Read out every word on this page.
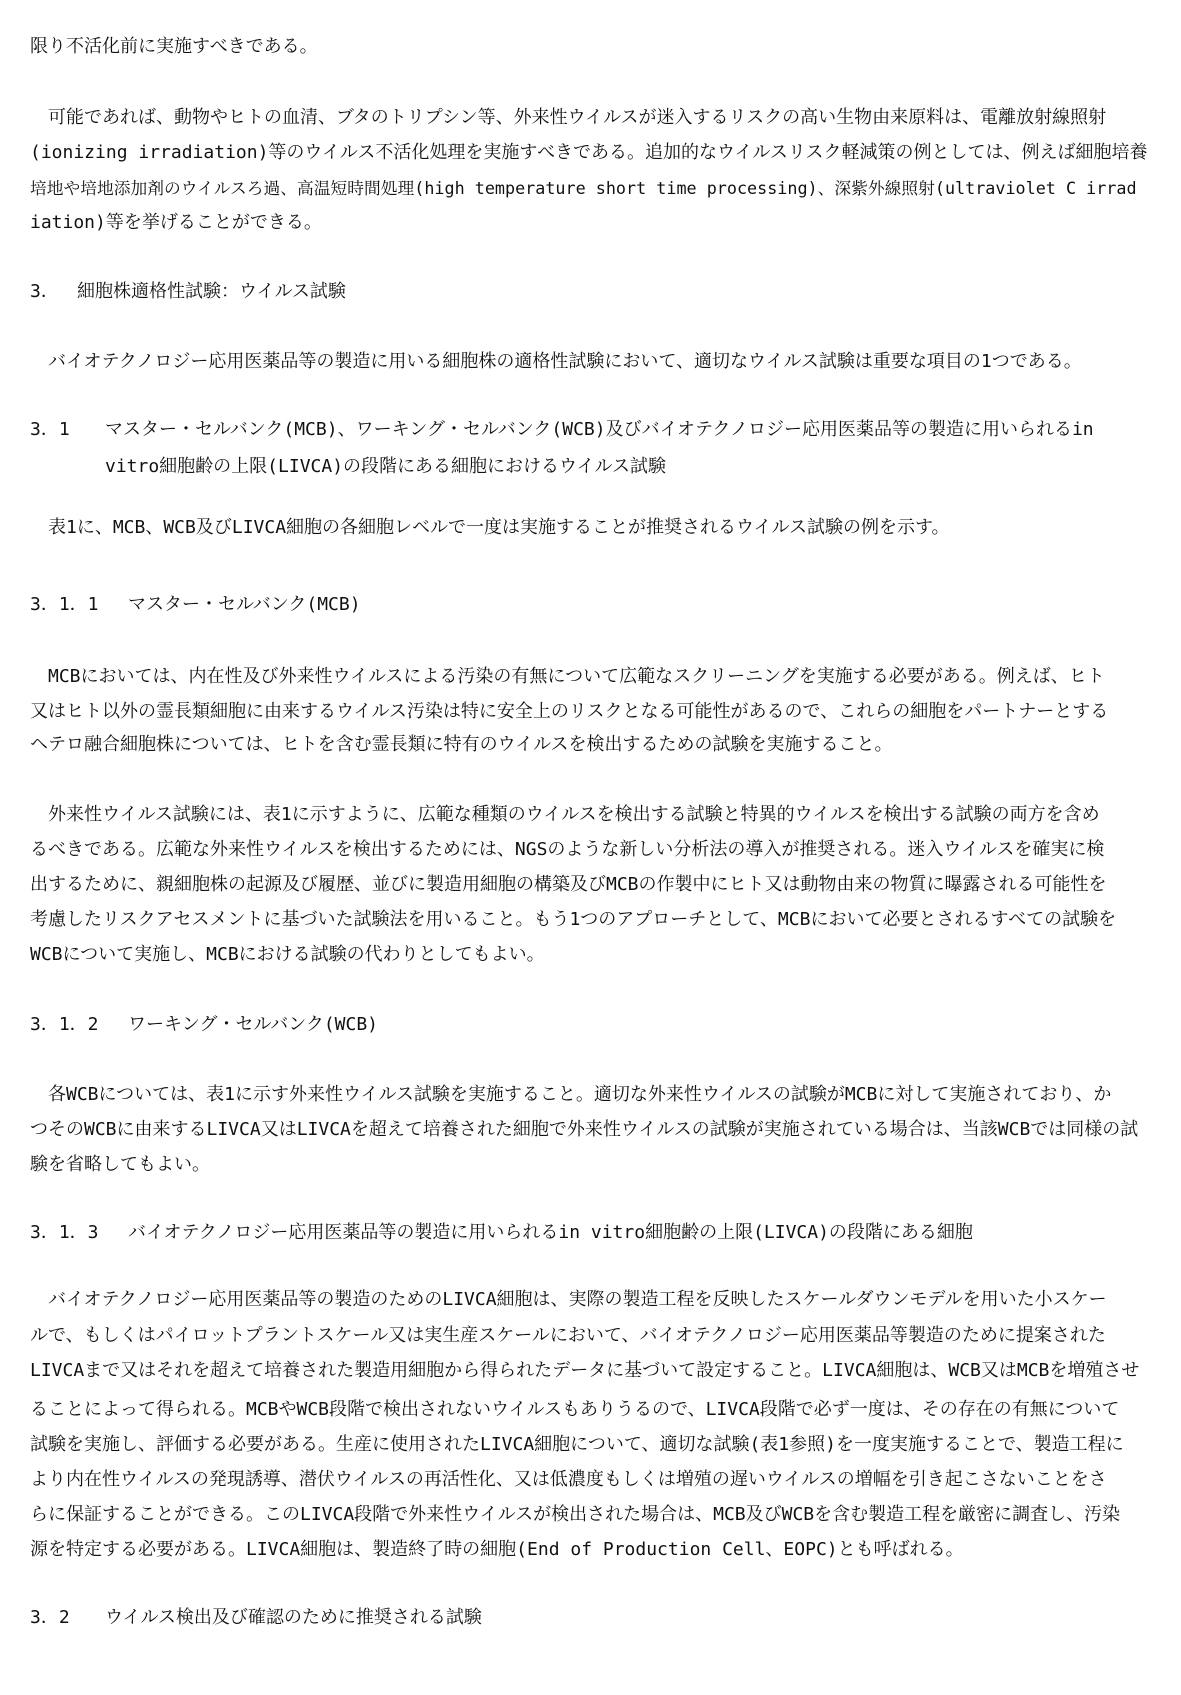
限り不活化前に実施すべきである。
　可能であれば、動物やヒトの血清、ブタのトリプシン等、外来性ウイルスが迷入するリスクの高い生物由来原料は、電離放射線照射
(ionizing irradiation)等のウイルス不活化処理を実施すべきである。追加的なウイルスリスク軽減策の例としては、例えば細胞培養
培地や培地添加剤のウイルスろ過、高温短時間処理(high temperature short time processing)、深紫外線照射(ultraviolet C irrad
iation)等を挙げることができる。
3．	細胞株適格性試験：ウイルス試験
　バイオテクノロジー応用医薬品等の製造に用いる細胞株の適格性試験において、適切なウイルス試験は重要な項目の1つである。
3．1	マスター・セルバンク(MCB)、ワーキング・セルバンク(WCB)及びバイオテクノロジー応用医薬品等の製造に用いられるin
vitro細胞齢の上限(LIVCA)の段階にある細胞におけるウイルス試験
　表1に、MCB、WCB及びLIVCA細胞の各細胞レベルで一度は実施することが推奨されるウイルス試験の例を示す。
3．1．1	マスター・セルバンク(MCB)
　MCBにおいては、内在性及び外来性ウイルスによる汚染の有無について広範なスクリーニングを実施する必要がある。例えば、ヒト
又はヒト以外の霊長類細胞に由来するウイルス汚染は特に安全上のリスクとなる可能性があるので、これらの細胞をパートナーとする
ヘテロ融合細胞株については、ヒトを含む霊長類に特有のウイルスを検出するための試験を実施すること。
　外来性ウイルス試験には、表1に示すように、広範な種類のウイルスを検出する試験と特異的ウイルスを検出する試験の両方を含め
るべきである。広範な外来性ウイルスを検出するためには、NGSのような新しい分析法の導入が推奨される。迷入ウイルスを確実に検
出するために、親細胞株の起源及び履歴、並びに製造用細胞の構築及びMCBの作製中にヒト又は動物由来の物質に曝露される可能性を
考慮したリスクアセスメントに基づいた試験法を用いること。もう1つのアプローチとして、MCBにおいて必要とされるすべての試験を
WCBについて実施し、MCBにおける試験の代わりとしてもよい。
3．1．2	ワーキング・セルバンク(WCB)
　各WCBについては、表1に示す外来性ウイルス試験を実施すること。適切な外来性ウイルスの試験がMCBに対して実施されており、か
つそのWCBに由来するLIVCA又はLIVCAを超えて培養された細胞で外来性ウイルスの試験が実施されている場合は、当該WCBでは同様の試
験を省略してもよい。
3．1．3	バイオテクノロジー応用医薬品等の製造に用いられるin vitro細胞齢の上限(LIVCA)の段階にある細胞
　バイオテクノロジー応用医薬品等の製造のためのLIVCA細胞は、実際の製造工程を反映したスケールダウンモデルを用いた小スケー
ルで、もしくはパイロットプラントスケール又は実生産スケールにおいて、バイオテクノロジー応用医薬品等製造のために提案された
LIVCAまで又はそれを超えて培養された製造用細胞から得られたデータに基づいて設定すること。LIVCA細胞は、WCB又はMCBを増殖させ
ることによって得られる。MCBやWCB段階で検出されないウイルスもありうるので、LIVCA段階で必ず一度は、その存在の有無について
試験を実施し、評価する必要がある。生産に使用されたLIVCA細胞について、適切な試験(表1参照)を一度実施することで、製造工程に
より内在性ウイルスの発現誘導、潜伏ウイルスの再活性化、又は低濃度もしくは増殖の遅いウイルスの増幅を引き起こさないことをさ
らに保証することができる。このLIVCA段階で外来性ウイルスが検出された場合は、MCB及びWCBを含む製造工程を厳密に調査し、汚染
源を特定する必要がある。LIVCA細胞は、製造終了時の細胞(End of Production Cell、EOPC)とも呼ばれる。
3．2	ウイルス検出及び確認のために推奨される試験
